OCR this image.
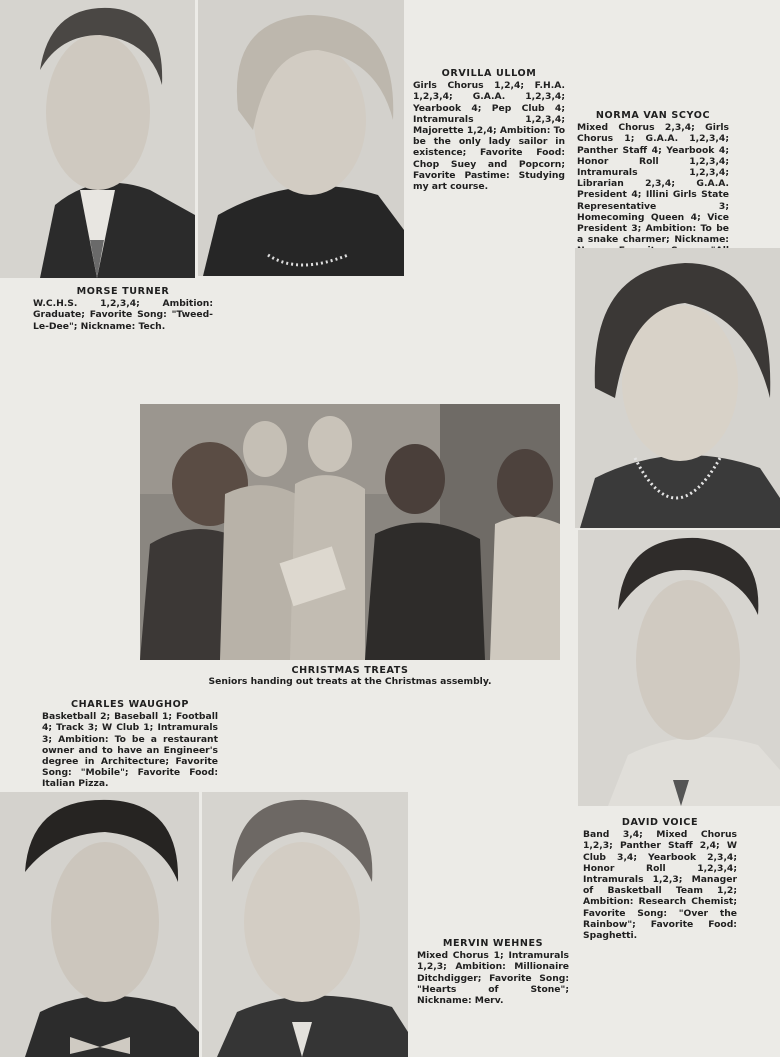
ORVILLA ULLOM
Girls Chorus 1,2,4; F.H.A. 1,2,3,4; G.A.A. 1,2,3,4; Yearbook 4; Pep Club 4; Intramurals 1,2,3,4; Majorette 1,2,4; Ambition: To be the only lady sailor in existence; Favorite Food: Chop Suey and Popcorn; Favorite Pastime: Studying my art course.
NORMA VAN SCYOC
Mixed Chorus 2,3,4; Girls Chorus 1; G.A.A. 1,2,3,4; Panther Staff 4; Yearbook 4; Honor Roll 1,2,3,4; Intramurals 1,2,3,4; Librarian 2,3,4; G.A.A. President 4; Illini Girls State Representative 3; Homecoming Queen 4; Vice President 3; Ambition: To be a snake charmer; Nickname:
MORSE TURNER
W.C.H.S. 1,2,3,4; Ambition: Graduate; Favorite Song: "Tweed-Le-Dee"; Nickname: Tech.
CHRISTMAS TREATS
Seniors handing out treats at the Christmas assembly.
CHARLES WAUGHOP
Basketball 2; Baseball 1; Football 4; Track 3; W Club 1; Intramurals 3; Ambition: To be a restaurant owner and to have an Engineer's degree in Architecture; Favorite Song: "Mobile"; Favorite Food: Italian Pizza.
DAVID VOICE
Band 3,4; Mixed Chorus 1,2,3; Panther Staff 2,4; W Club 3,4; Yearbook 2,3,4; Honor Roll 1,2,3,4; Intramurals 1,2,3; Manager of Basketball Team 1,2; Ambition: Research Chemist; Favorite Song: "Over the Rainbow"; Favorite Food: Spaghetti.
MERVIN WEHNES
Mixed Chorus 1; Intramurals 1,2,3; Ambition: Millionaire Ditchdigger; Favorite Song: "Hearts of Stone"; Nickname: Merv.
